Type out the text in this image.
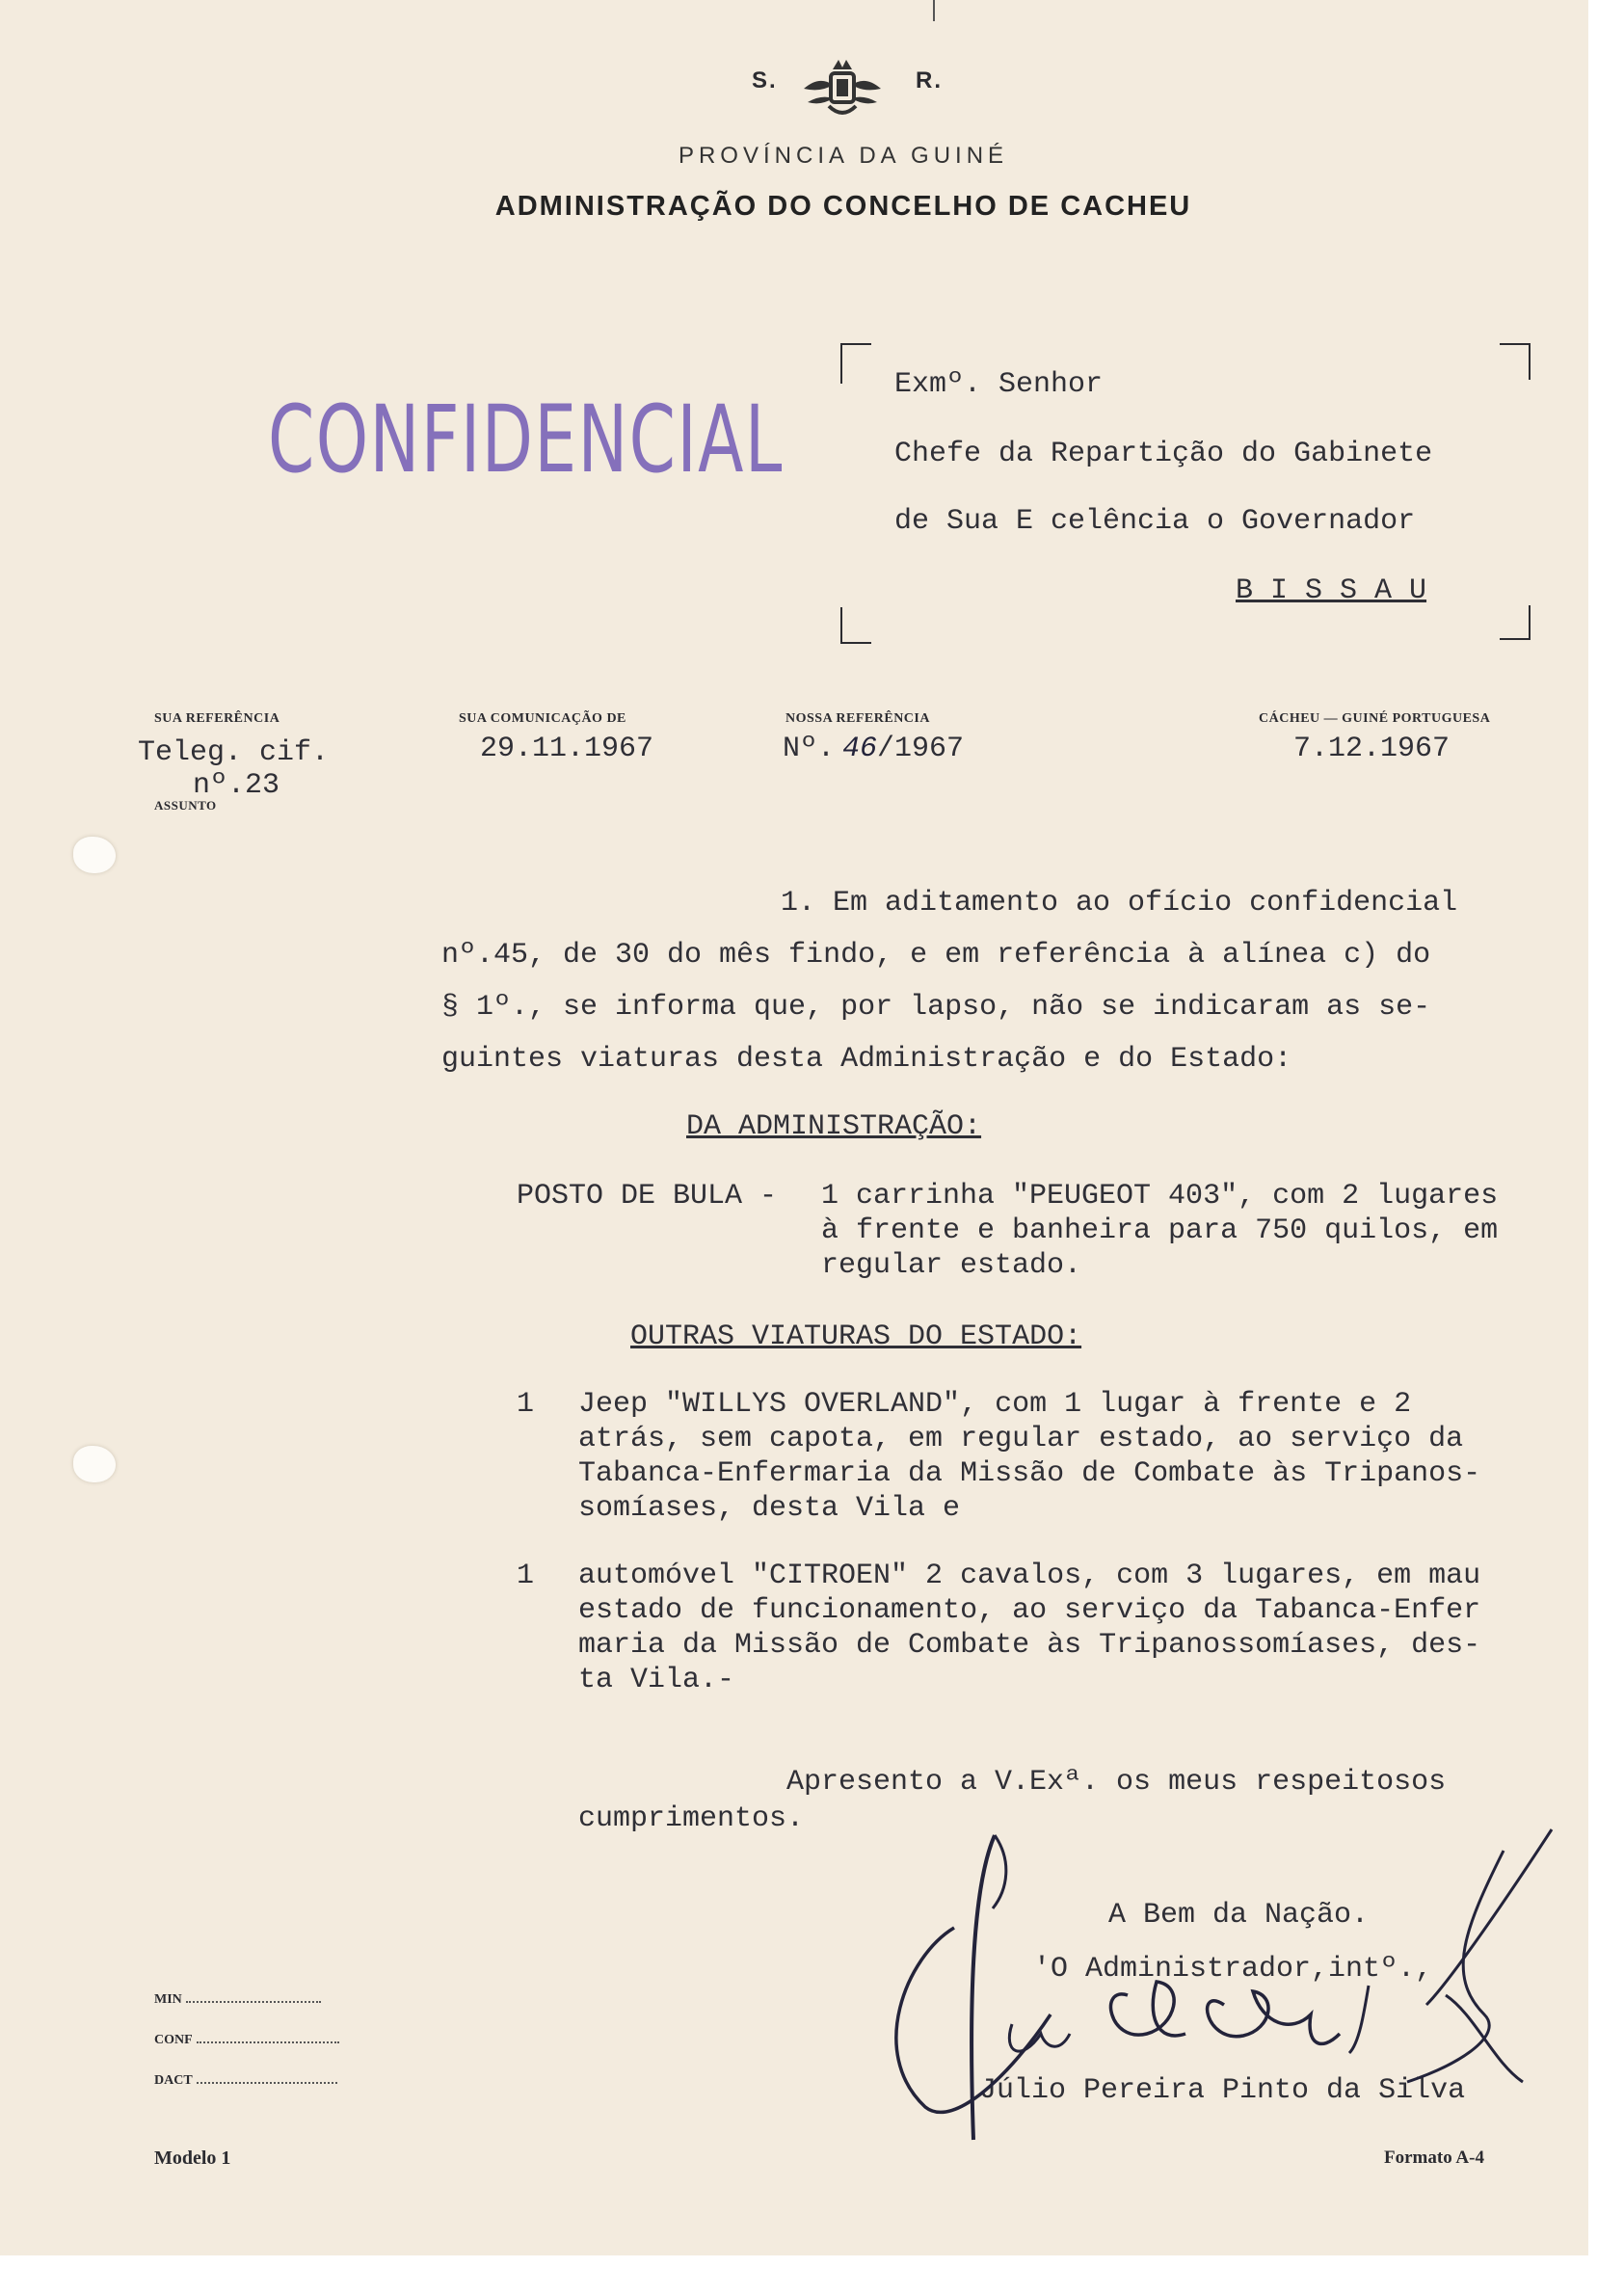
S.	R.
PROVÍNCIA DA GUINÉ
ADMINISTRAÇÃO DO CONCELHO DE CACHEU
CONFIDENCIAL
Exmº. Senhor
Chefe da Repartição do Gabinete
de Sua E celência o Governador
B I S S A U
SUA REFERÊNCIA
Teleg. cif.
nº.23
ASSUNTO
SUA COMUNICAÇÃO DE
29.11.1967
NOSSA REFERÊNCIA
Nº. 46/1967
CÁCHEU — GUINÉ PORTUGUESA
7.12.1967
1. Em aditamento ao ofício confidencial
nº.45, de 30 do mês findo, e em referência à alínea c) do
§ 1º., se informa que, por lapso, não se indicaram as se-
guintes viaturas desta Administração e do Estado:
DA ADMINISTRAÇÃO:
POSTO DE BULA - 1 carrinha "PEUGEOT 403", com 2 lugares
à frente e banheira para 750 quilos, em
regular estado.
OUTRAS VIATURAS DO ESTADO:
1 Jeep "WILLYS OVERLAND", com 1 lugar à frente e 2
atrás, sem capota, em regular estado, ao serviço da
Tabanca-Enfermaria da Missão de Combate às Tripanos-
somíases, desta Vila e
1 automóvel "CITROEN" 2 cavalos, com 3 lugares, em mau
estado de funcionamento, ao serviço da Tabanca-Enfer
maria da Missão de Combate às Tripanossomíases, des-
ta Vila.-
Apresento a V.Exª. os meus respeitosos
cumprimentos.
A Bem da Nação.
'O Administrador,intº.,
Júlio Pereira Pinto da Silva
MIN
CONF
DACT
Modelo 1	Formato A-4
